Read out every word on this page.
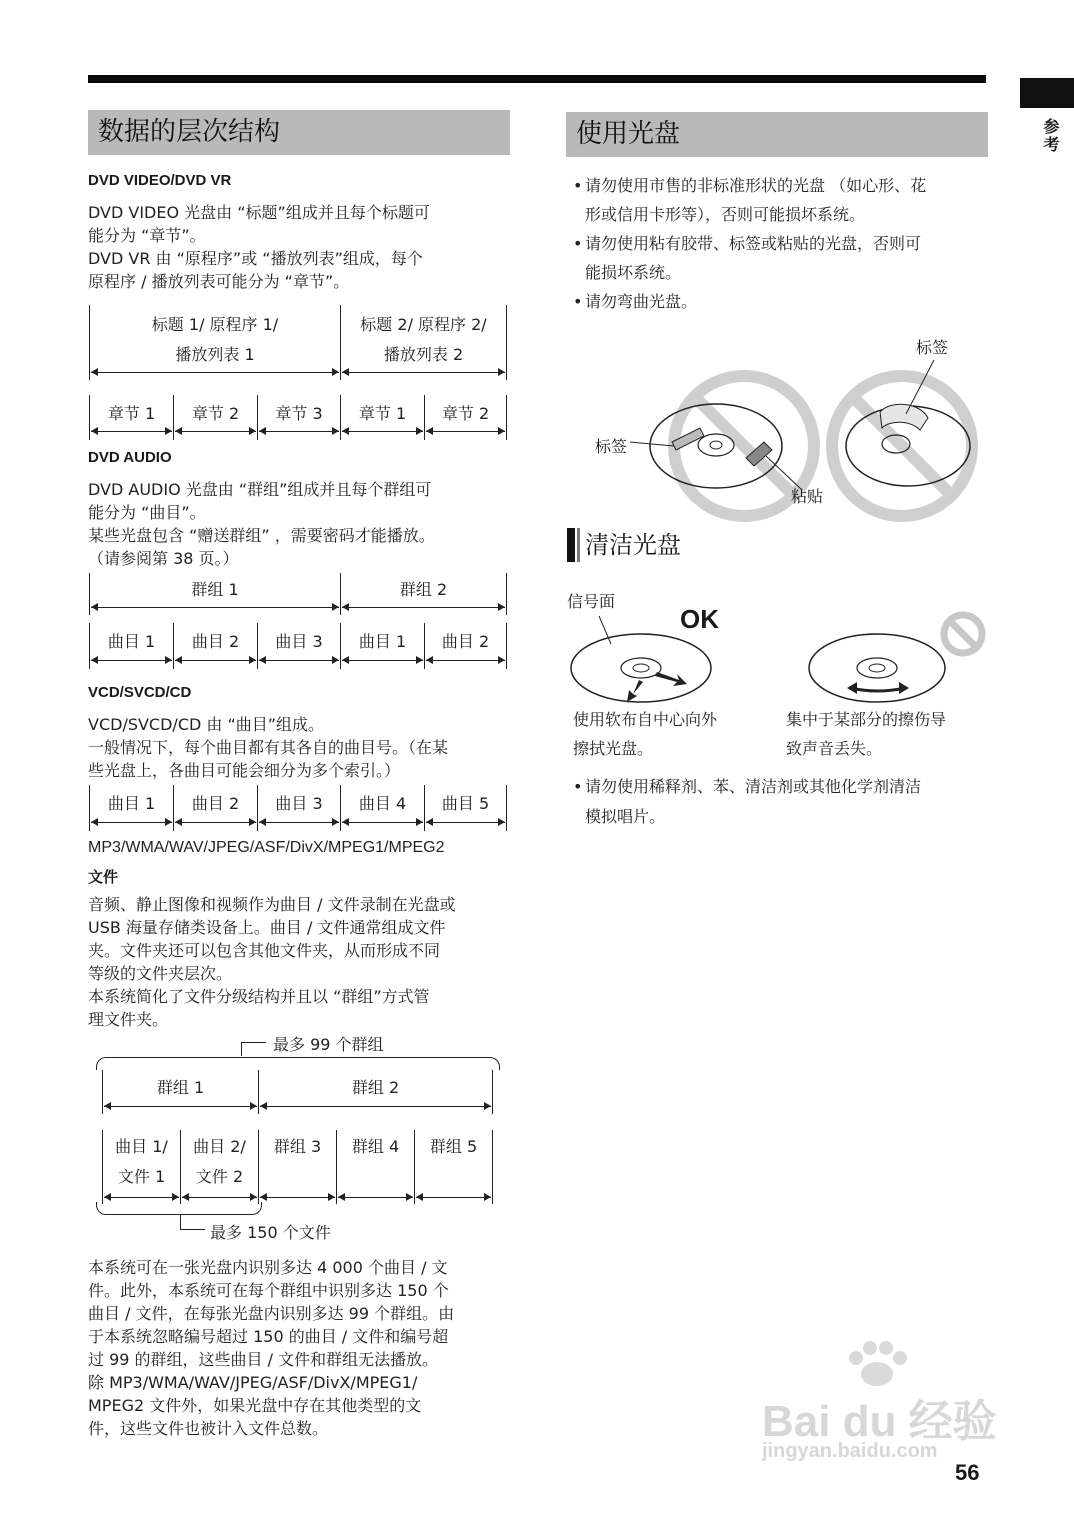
参考
数据的层次结构
DVD VIDEO/DVD VR
DVD VIDEO 光盘由 “标题”组成并且每个标题可
能分为 “章节”。
DVD VR 由 “原程序”或 “播放列表”组成，每个
原程序 / 播放列表可能分为 “章节”。
标题 1/ 原程序 1/
播放列表 1
标题 2/ 原程序 2/
播放列表 2
章节 1	章节 2	章节 3	章节 1	章节 2
DVD AUDIO
DVD AUDIO 光盘由 “群组”组成并且每个群组可
能分为 “曲目”。
某些光盘包含 “赠送群组” ，需要密码才能播放。
（请参阅第 38 页。）
群组 1	群组 2
曲目 1	曲目 2	曲目 3	曲目 1	曲目 2
VCD/SVCD/CD
VCD/SVCD/CD 由 “曲目”组成。
一般情况下，每个曲目都有其各自的曲目号。（在某
些光盘上，各曲目可能会细分为多个索引。）
曲目 1	曲目 2	曲目 3	曲目 4	曲目 5
MP3/WMA/WAV/JPEG/ASF/DivX/MPEG1/MPEG2
文件
音频、静止图像和视频作为曲目 / 文件录制在光盘或
USB 海量存储类设备上。曲目 / 文件通常组成文件
夹。文件夹还可以包含其他文件夹，从而形成不同
等级的文件夹层次。
本系统简化了文件分级结构并且以 “群组”方式管
理文件夹。
最多 99 个群组
群组 1	群组 2
曲目 1/
文件 1
曲目 2/
文件 2
群组 3	群组 4	群组 5
最多 150 个文件
本系统可在一张光盘内识别多达 4 000 个曲目 / 文
件。此外，本系统可在每个群组中识别多达 150 个
曲目 / 文件，在每张光盘内识别多达 99 个群组。由
于本系统忽略编号超过 150 的曲目 / 文件和编号超
过 99 的群组，这些曲目 / 文件和群组无法播放。
除 MP3/WMA/WAV/JPEG/ASF/DivX/MPEG1/
MPEG2 文件外，如果光盘中存在其他类型的文
件，这些文件也被计入文件总数。
使用光盘
• 请勿使用市售的非标准形状的光盘 （如心形、花
形或信用卡形等），否则可能损坏系统。
• 请勿使用粘有胶带、标签或粘贴的光盘，否则可
能损坏系统。
• 请勿弯曲光盘。
标签
粘贴
标签
清洁光盘
信号面
OK
使用软布自中心向外
擦拭光盘。
集中于某部分的擦伤导
致声音丢失。
• 请勿使用稀释剂、苯、清洁剂或其他化学剂清洁
模拟唱片。
Bai du 经验
jingyan.baidu.com
56
